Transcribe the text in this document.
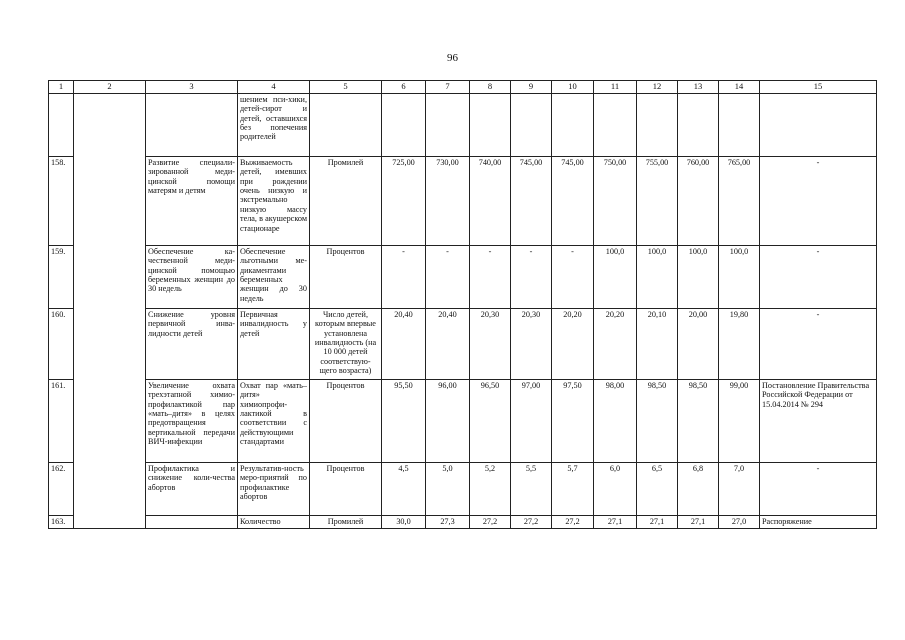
96
1	2	3	4	5	6	7	8	9	10	11	12	13	14	15
			шением пси-хики, детей-сирот и детей, оставшихся без попечения родителей											
158.		Развитие специали-зированной меди-цинской помощи матерям и детям	Выживаемость детей, имевших при рождении очень низкую и экстремально низкую массу тела, в акушерском стационаре	Промилей	725,00	730,00	740,00	745,00	745,00	750,00	755,00	760,00	765,00	-
159.		Обеспечение ка-чественной меди-цинской помощью беременных женщин до 30 недель	Обеспечение льготными ме-дикаментами беременных женщин до 30 недель	Процентов	-	-	-	-	-	100,0	100,0	100,0	100,0	-
160.		Снижение уровня первичной инва-лидности детей	Первичная инвалидность у детей	Число детей, которым впервые установлена инвалидность (на 10 000 детей соответствую-щего возраста)	20,40	20,40	20,30	20,30	20,20	20,20	20,10	20,00	19,80	-
161.		Увеличение охвата трехэтапной химио-профилактикой пар «мать–дитя» в целях предотвращения вертикальной передачи ВИЧ-инфекции	Охват пар «мать–дитя» химиопрофи-лактикой в соответствии с действующими стандартами	Процентов	95,50	96,00	96,50	97,00	97,50	98,00	98,50	98,50	99,00	Постановление Правительства Российской Федерации от 15.04.2014 № 294
162.		Профилактика и снижение коли-чества абортов	Результатив-ность меро-приятий по профилактике абортов	Процентов	4,5	5,0	5,2	5,5	5,7	6,0	6,5	6,8	7,0	-
163.			Количество	Промилей	30,0	27,3	27,2	27,2	27,2	27,1	27,1	27,1	27,0	Распоряжение
